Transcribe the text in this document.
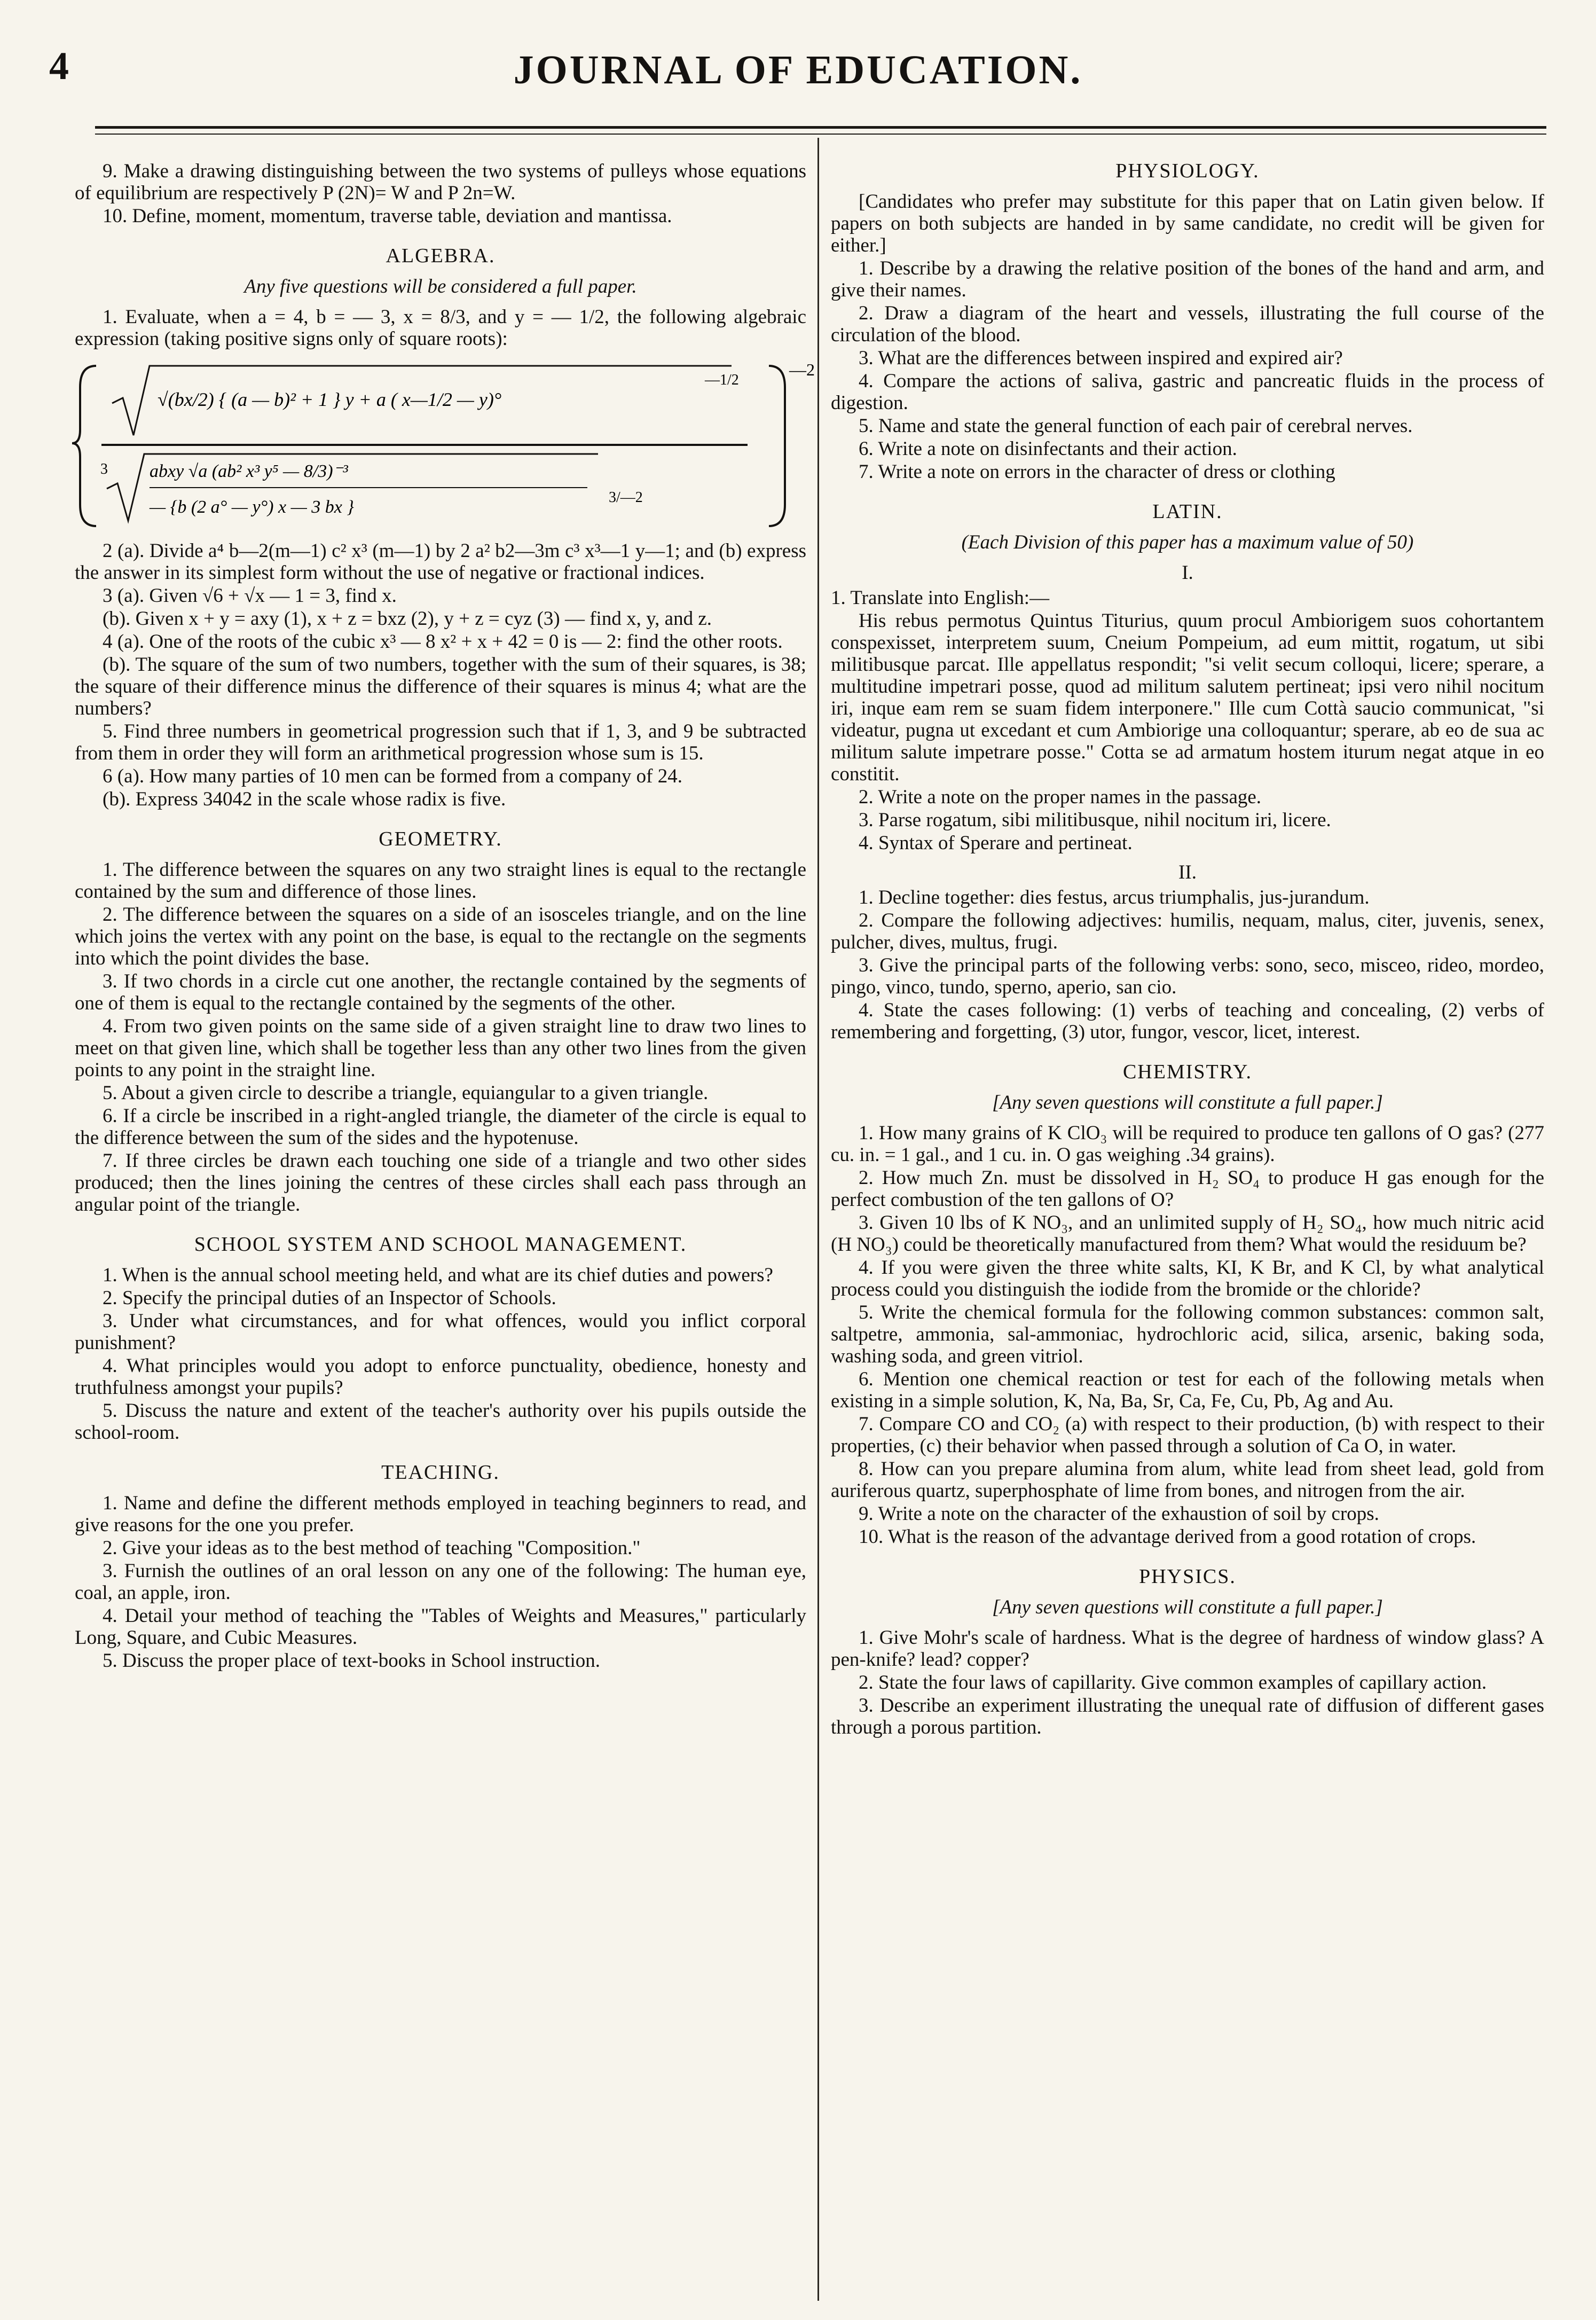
4	JOURNAL OF EDUCATION.

9. Make a drawing distinguishing between the two systems of pulleys whose equations of equilibrium are respectively P (2N)= W and P 2n=W.

10. Define, moment, momentum, traverse table, deviation and mantissa.

ALGEBRA.

Any five questions will be considered a full paper.

1. Evaluate, when a = 4, b = — 3, x = 8/3, and y = — 1/2, the following algebraic expression (taking positive signs only of square roots):

—2
√(bx/2) { (a — b)² + 1 } y + a ( x—1/2 — y)°
—1/2
3 abxy √a (ab² x³ y⁵ — 8/3)⁻³
— {b (2 a° — y°) x — 3 bx }	3/—2

2 (a). Divide a⁴ b—2(m—1) c² x³ (m—1) by 2 a² b2—3m c³ x³—1 y—1; and (b) express the answer in its simplest form without the use of negative or fractional indices.

3 (a). Given √6 + √x — 1 = 3, find x.

(b). Given x + y = axy (1), x + z = bxz (2), y + z = cyz (3) — find x, y, and z.

4 (a). One of the roots of the cubic x³ — 8 x² + x + 42 = 0 is — 2: find the other roots.

(b). The square of the sum of two numbers, together with the sum of their squares, is 38; the square of their difference minus the difference of their squares is minus 4; what are the numbers?

5. Find three numbers in geometrical progression such that if 1, 3, and 9 be subtracted from them in order they will form an arithmetical progression whose sum is 15.

6 (a). How many parties of 10 men can be formed from a company of 24.

(b). Express 34042 in the scale whose radix is five.

GEOMETRY.

1. The difference between the squares on any two straight lines is equal to the rectangle contained by the sum and difference of those lines.

2. The difference between the squares on a side of an isosceles triangle, and on the line which joins the vertex with any point on the base, is equal to the rectangle on the segments into which the point divides the base.

3. If two chords in a circle cut one another, the rectangle contained by the segments of one of them is equal to the rectangle contained by the segments of the other.

4. From two given points on the same side of a given straight line to draw two lines to meet on that given line, which shall be together less than any other two lines from the given points to any point in the straight line.

5. About a given circle to describe a triangle, equiangular to a given triangle.

6. If a circle be inscribed in a right-angled triangle, the diameter of the circle is equal to the difference between the sum of the sides and the hypotenuse.

7. If three circles be drawn each touching one side of a triangle and two other sides produced; then the lines joining the centres of these circles shall each pass through an angular point of the triangle.

SCHOOL SYSTEM AND SCHOOL MANAGEMENT.

1. When is the annual school meeting held, and what are its chief duties and powers?

2. Specify the principal duties of an Inspector of Schools.

3. Under what circumstances, and for what offences, would you inflict corporal punishment?

4. What principles would you adopt to enforce punctuality, obedience, honesty and truthfulness amongst your pupils?

5. Discuss the nature and extent of the teacher's authority over his pupils outside the school-room.

TEACHING.

1. Name and define the different methods employed in teaching beginners to read, and give reasons for the one you prefer.

2. Give your ideas as to the best method of teaching "Composition."

3. Furnish the outlines of an oral lesson on any one of the following: The human eye, coal, an apple, iron.

4. Detail your method of teaching the "Tables of Weights and Measures," particularly Long, Square, and Cubic Measures.

5. Discuss the proper place of text-books in School instruction.

PHYSIOLOGY.

[Candidates who prefer may substitute for this paper that on Latin given below. If papers on both subjects are handed in by same candidate, no credit will be given for either.]

1. Describe by a drawing the relative position of the bones of the hand and arm, and give their names.

2. Draw a diagram of the heart and vessels, illustrating the full course of the circulation of the blood.

3. What are the differences between inspired and expired air?

4. Compare the actions of saliva, gastric and pancreatic fluids in the process of digestion.

5. Name and state the general function of each pair of cerebral nerves.

6. Write a note on disinfectants and their action.

7. Write a note on errors in the character of dress or clothing

LATIN.

(Each Division of this paper has a maximum value of 50)

I.

1. Translate into English:—

His rebus permotus Quintus Titurius, quum procul Ambiorigem suos cohortantem conspexisset, interpretem suum, Cneium Pompeium, ad eum mittit, rogatum, ut sibi militibusque parcat. Ille appellatus respondit; "si velit secum colloqui, licere; sperare, a multitudine impetrari posse, quod ad militum salutem pertineat; ipsi vero nihil nocitum iri, inque eam rem se suam fidem interponere." Ille cum Cottà saucio communicat, "si videatur, pugna ut excedant et cum Ambiorige una colloquantur; sperare, ab eo de sua ac militum salute impetrare posse." Cotta se ad armatum hostem iturum negat atque in eo constitit.

2. Write a note on the proper names in the passage.

3. Parse rogatum, sibi militibusque, nihil nocitum iri, licere.

4. Syntax of Sperare and pertineat.

II.

1. Decline together: dies festus, arcus triumphalis, jus-jurandum.

2. Compare the following adjectives: humilis, nequam, malus, citer, juvenis, senex, pulcher, dives, multus, frugi.

3. Give the principal parts of the following verbs: sono, seco, misceo, rideo, mordeo, pingo, vinco, tundo, sperno, aperio, san cio.

4. State the cases following: (1) verbs of teaching and concealing, (2) verbs of remembering and forgetting, (3) utor, fungor, vescor, licet, interest.

CHEMISTRY.

[Any seven questions will constitute a full paper.]

1. How many grains of K ClO₃ will be required to produce ten gallons of O gas? (277 cu. in. = 1 gal., and 1 cu. in. O gas weighing .34 grains).

2. How much Zn. must be dissolved in H₂ SO₄ to produce H gas enough for the perfect combustion of the ten gallons of O?

3. Given 10 lbs of K NO₃, and an unlimited supply of H₂ SO₄, how much nitric acid (H NO₃) could be theoretically manufactured from them? What would the residuum be?

4. If you were given the three white salts, KI, K Br, and K Cl, by what analytical process could you distinguish the iodide from the bromide or the chloride?

5. Write the chemical formula for the following common substances: common salt, saltpetre, ammonia, sal-ammoniac, hydrochloric acid, silica, arsenic, baking soda, washing soda, and green vitriol.

6. Mention one chemical reaction or test for each of the following metals when existing in a simple solution, K, Na, Ba, Sr, Ca, Fe, Cu, Pb, Ag and Au.

7. Compare CO and CO₂ (a) with respect to their production, (b) with respect to their properties, (c) their behavior when passed through a solution of Ca O, in water.

8. How can you prepare alumina from alum, white lead from sheet lead, gold from auriferous quartz, superphosphate of lime from bones, and nitrogen from the air.

9. Write a note on the character of the exhaustion of soil by crops.

10. What is the reason of the advantage derived from a good rotation of crops.

PHYSICS.

[Any seven questions will constitute a full paper.]

1. Give Mohr's scale of hardness. What is the degree of hardness of window glass? A pen-knife? lead? copper?

2. State the four laws of capillarity. Give common examples of capillary action.

3. Describe an experiment illustrating the unequal rate of diffusion of different gases through a porous partition.
